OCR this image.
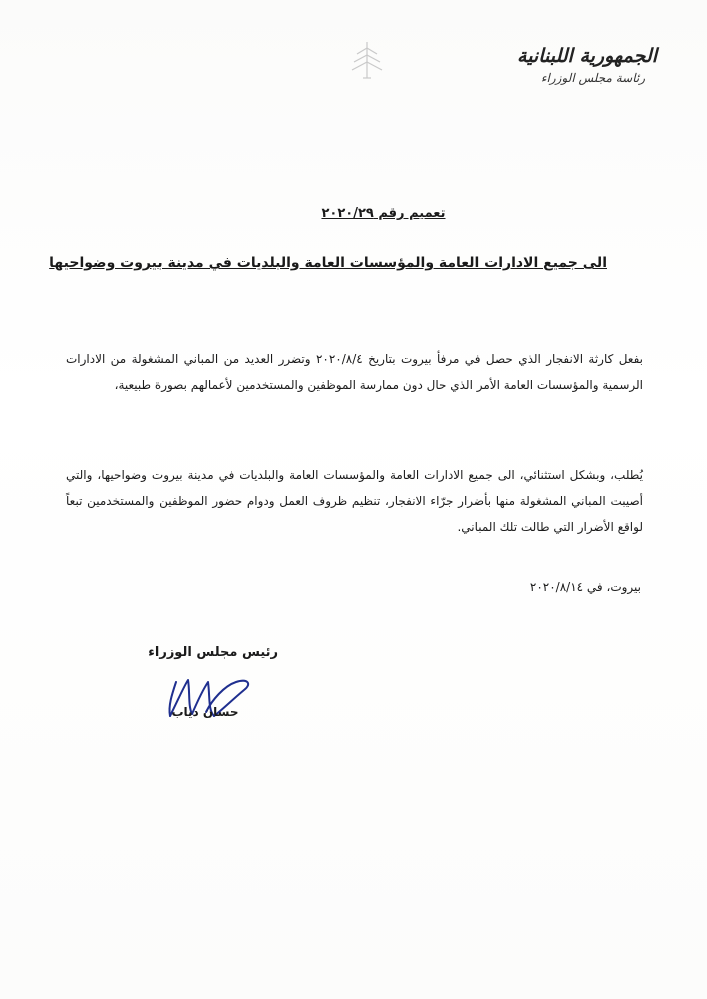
الجمهورية اللبنانية
رئاسة مجلس الوزراء
تعميم رقم ٢٠٢٠/٢٩
الى جميع الادارات العامة والمؤسسات العامة والبلديات في مدينة بيروت وضواحيها
بفعل كارثة الانفجار الذي حصل في مرفأ بيروت بتاريخ ٢٠٢٠/٨/٤ وتضرر العديد من المباني المشغولة من الادارات الرسمية والمؤسسات العامة الأمر الذي حال دون ممارسة الموظفين والمستخدمين لأعمالهم بصورة طبيعية،
يُطلب، وبشكل استثنائي، الى جميع الادارات العامة والمؤسسات العامة والبلديات في مدينة بيروت وضواحيها، والتي أصيبت المباني المشغولة منها بأضرار جرّاء الانفجار، تنظيم ظروف العمل ودوام حضور الموظفين والمستخدمين تبعاً لواقع الأضرار التي طالت تلك المباني.
بيروت، في ٢٠٢٠/٨/١٤
رئيس مجلس الوزراء
حسان دياب
